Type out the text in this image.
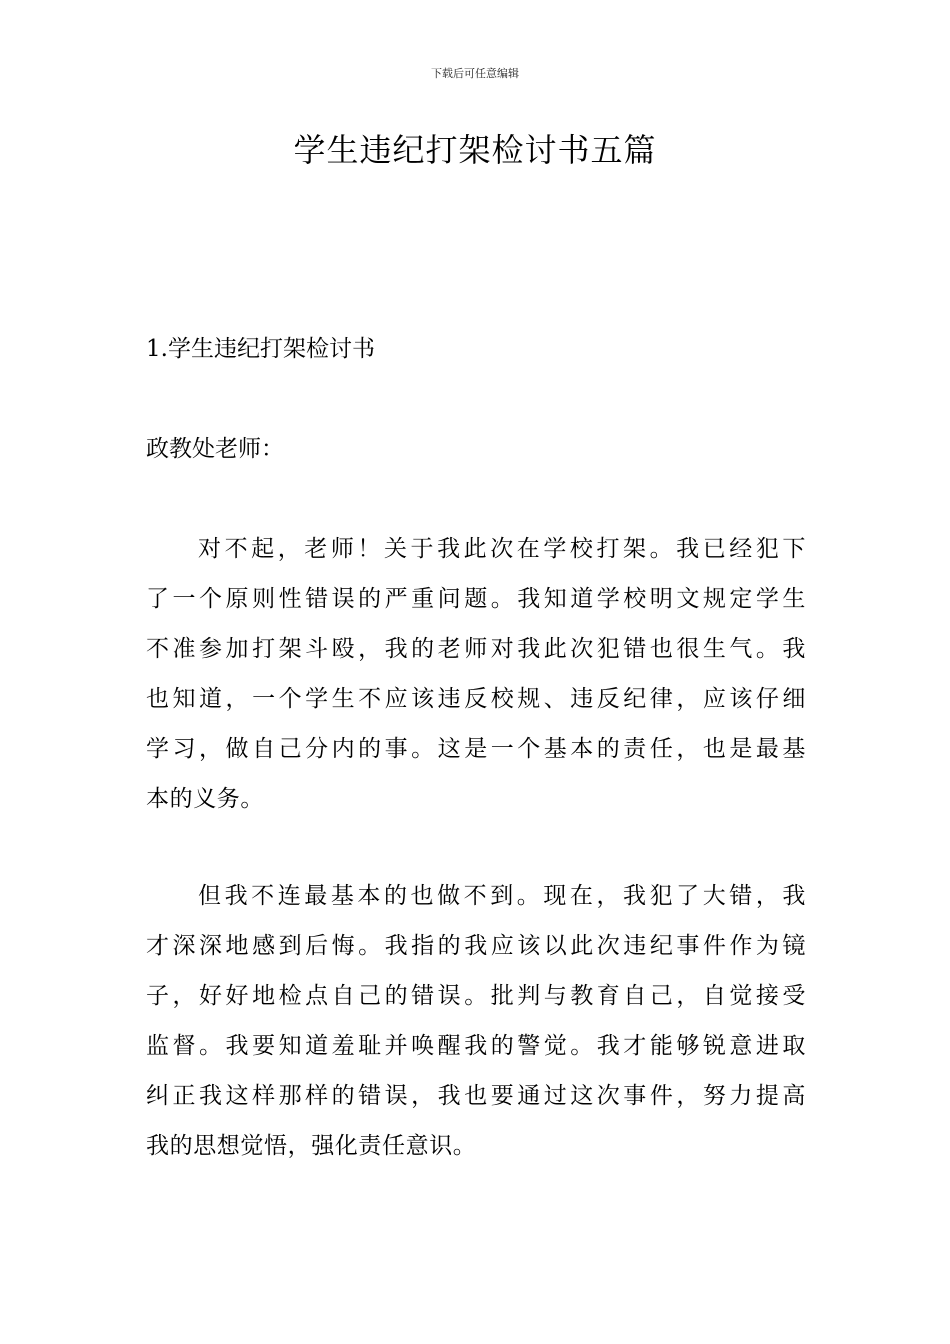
下载后可任意编辑
学生违纪打架检讨书五篇
1.学生违纪打架检讨书

政教处老师：

对不起，老师！关于我此次在学校打架。我已经犯下
了一个原则性错误的严重问题。我知道学校明文规定学生
不准参加打架斗殴，我的老师对我此次犯错也很生气。我
也知道，一个学生不应该违反校规、违反纪律，应该仔细
学习，做自己分内的事。这是一个基本的责任，也是最基
本的义务。
但我不连最基本的也做不到。现在，我犯了大错，我
才深深地感到后悔。我指的我应该以此次违纪事件作为镜
子，好好地检点自己的错误。批判与教育自己，自觉接受
监督。我要知道羞耻并唤醒我的警觉。我才能够锐意进取
纠正我这样那样的错误，我也要通过这次事件，努力提高
我的思想觉悟，强化责任意识。
